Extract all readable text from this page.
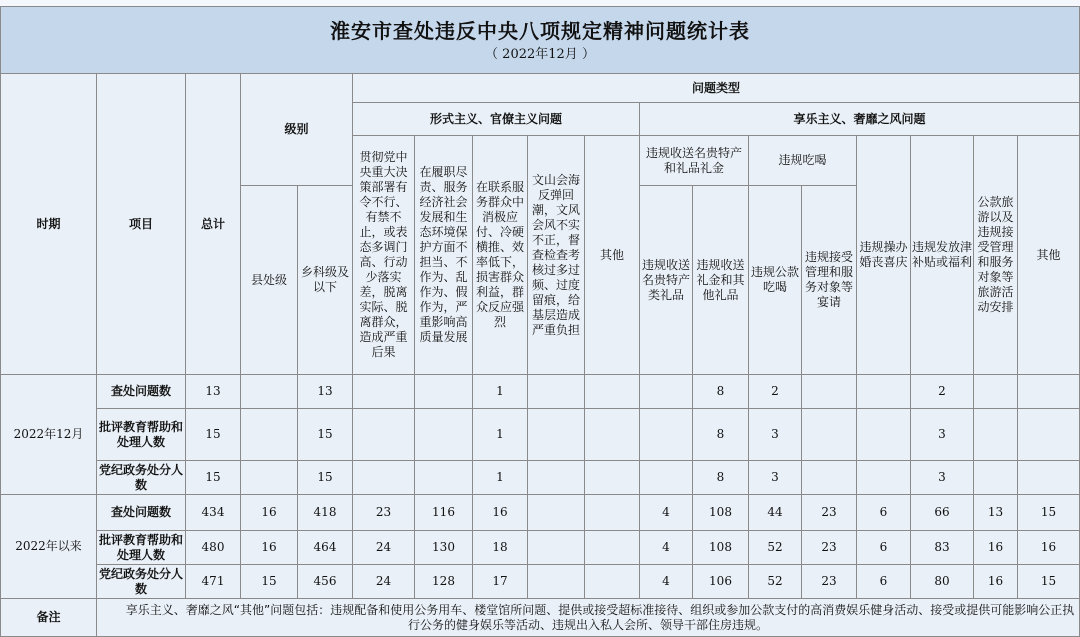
淮安市查处违反中央八项规定精神问题统计表
（ 2022年12月 ）																	

时期	项目	总计	级别		问题类型												
					形式主义、官僚主义问题					享乐主义、奢靡之风问题							
					贯彻党中央重大决策部署有令不行、有禁不止，或表态多调门高、行动少落实差，脱离实际、脱离群众，造成严重后果	在履职尽责、服务经济社会发展和生态环境保护方面不担当、不作为、乱作为、假作为，严重影响高质量发展	在联系服务群众中消极应付、冷硬横推、效率低下，损害群众利益，群众反应强烈	文山会海反弹回潮，文风会风不实不正，督查检查考核过多过频、过度留痕，给基层造成严重负担	其他	违规收送名贵特产和礼品礼金		违规吃喝		违规操办婚丧喜庆	违规发放津补贴或福利	公款旅游以及违规接受管理和服务对象等旅游活动安排	其他
			县处级	乡科级及以下						违规收送名贵特产类礼品	违规收送礼金和其他礼品	违规公款吃喝	违规接受管理和服务对象等宴请				
2022年12月	查处问题数	13		13			1				8	2			2		
	批评教育帮助和处理人数	15		15			1				8	3			3		
	党纪政务处分人数	15		15			1				8	3			3		
2022年以来	查处问题数	434	16	418	23	116	16			4	108	44	23	6	66	13	15
	批评教育帮助和处理人数	480	16	464	24	130	18			4	108	52	23	6	83	16	16
	党纪政务处分人数	471	15	456	24	128	17			4	106	52	23	6	80	16	15
备注	享乐主义、奢靡之风“其他”问题包括：违规配备和使用公务用车、楼堂馆所问题、提供或接受超标准接待、组织或参加公款支付的高消费娱乐健身活动、接受或提供可能影响公正执行公务的健身娱乐等活动、违规出入私人会所、领导干部住房违规。																
